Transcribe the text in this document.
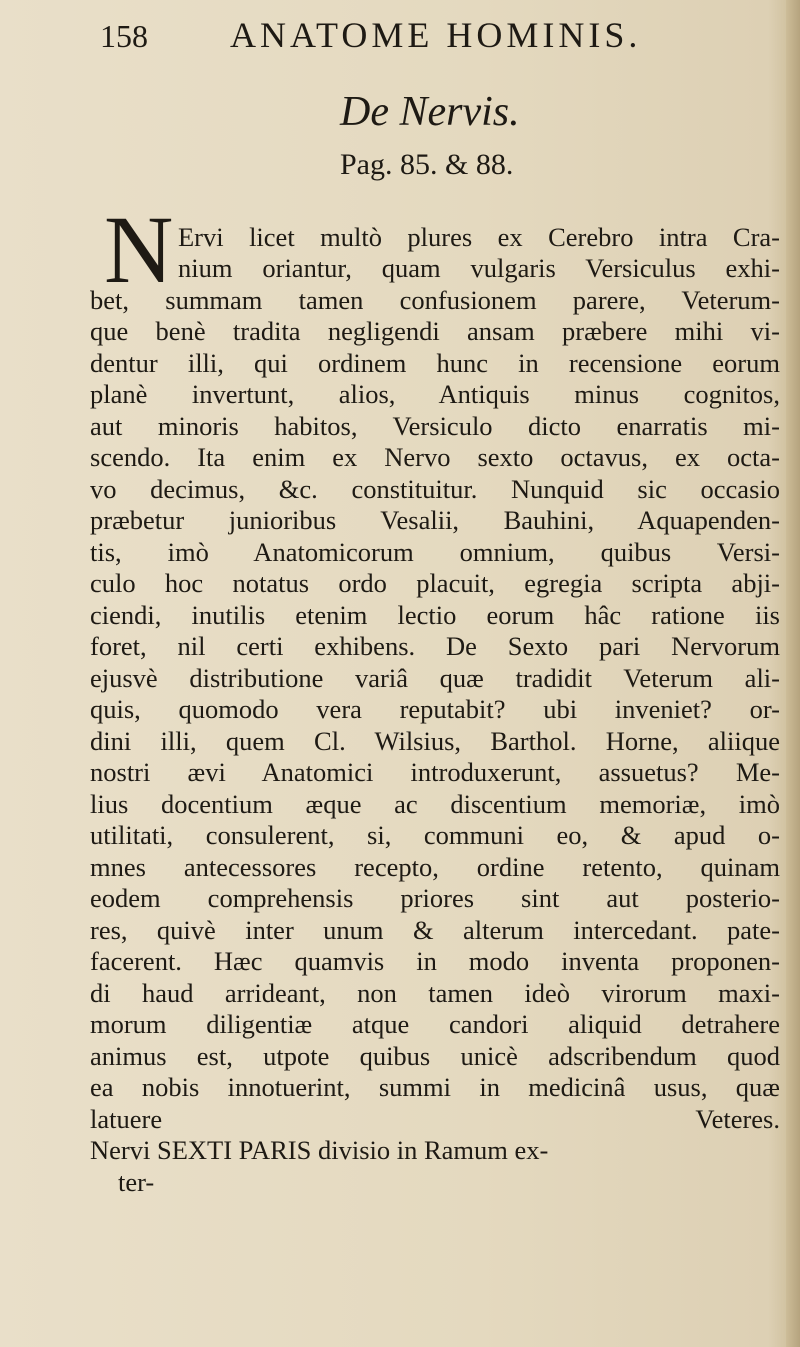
158 ANATOME HOMINIS.
De Nervis.
Pag. 85. & 88.
N Ervi licet multò plures ex Cerebro intra Cra-
nium oriantur, quam vulgaris Versiculus exhi-
bet, summam tamen confusionem parere, Veterum-
que benè tradita negligendi ansam præbere mihi vi-
dentur illi, qui ordinem hunc in recensione eorum
planè invertunt, alios, Antiquis minus cognitos,
aut minoris habitos, Versiculo dicto enarratis mi-
scendo. Ita enim ex Nervo sexto octavus, ex octa-
vo decimus, &c. constituitur. Nunquid sic occasio
præbetur junioribus Vesalii, Bauhini, Aquapenden-
tis, imò Anatomicorum omnium, quibus Versi-
culo hoc notatus ordo placuit, egregia scripta abji-
ciendi, inutilis etenim lectio eorum hâc ratione iis
foret, nil certi exhibens. De Sexto pari Nervorum
ejusvè distributione variâ quæ tradidit Veterum ali-
quis, quomodo vera reputabit? ubi inveniet? or-
dini illi, quem Cl. Wilsius, Barthol. Horne, aliique
nostri ævi Anatomici introduxerunt, assuetus? Me-
lius docentium æque ac discentium memoriæ, imò
utilitati, consulerent, si, communi eo, & apud o-
mnes antecessores recepto, ordine retento, quinam
eodem comprehensis priores sint aut posterio-
res, quivè inter unum & alterum intercedant. pate-
facerent. Hæc quamvis in modo inventa proponen-
di haud arrideant, non tamen ideò virorum maxi-
morum diligentiæ atque candori aliquid detrahere
animus est, utpote quibus unicè adscribendum quod
ea nobis innotuerint, summi in medicinâ usus, quæ
latuere Veteres.
Nervi SEXTI PARIS divisio in Ramum ex-
ter-
